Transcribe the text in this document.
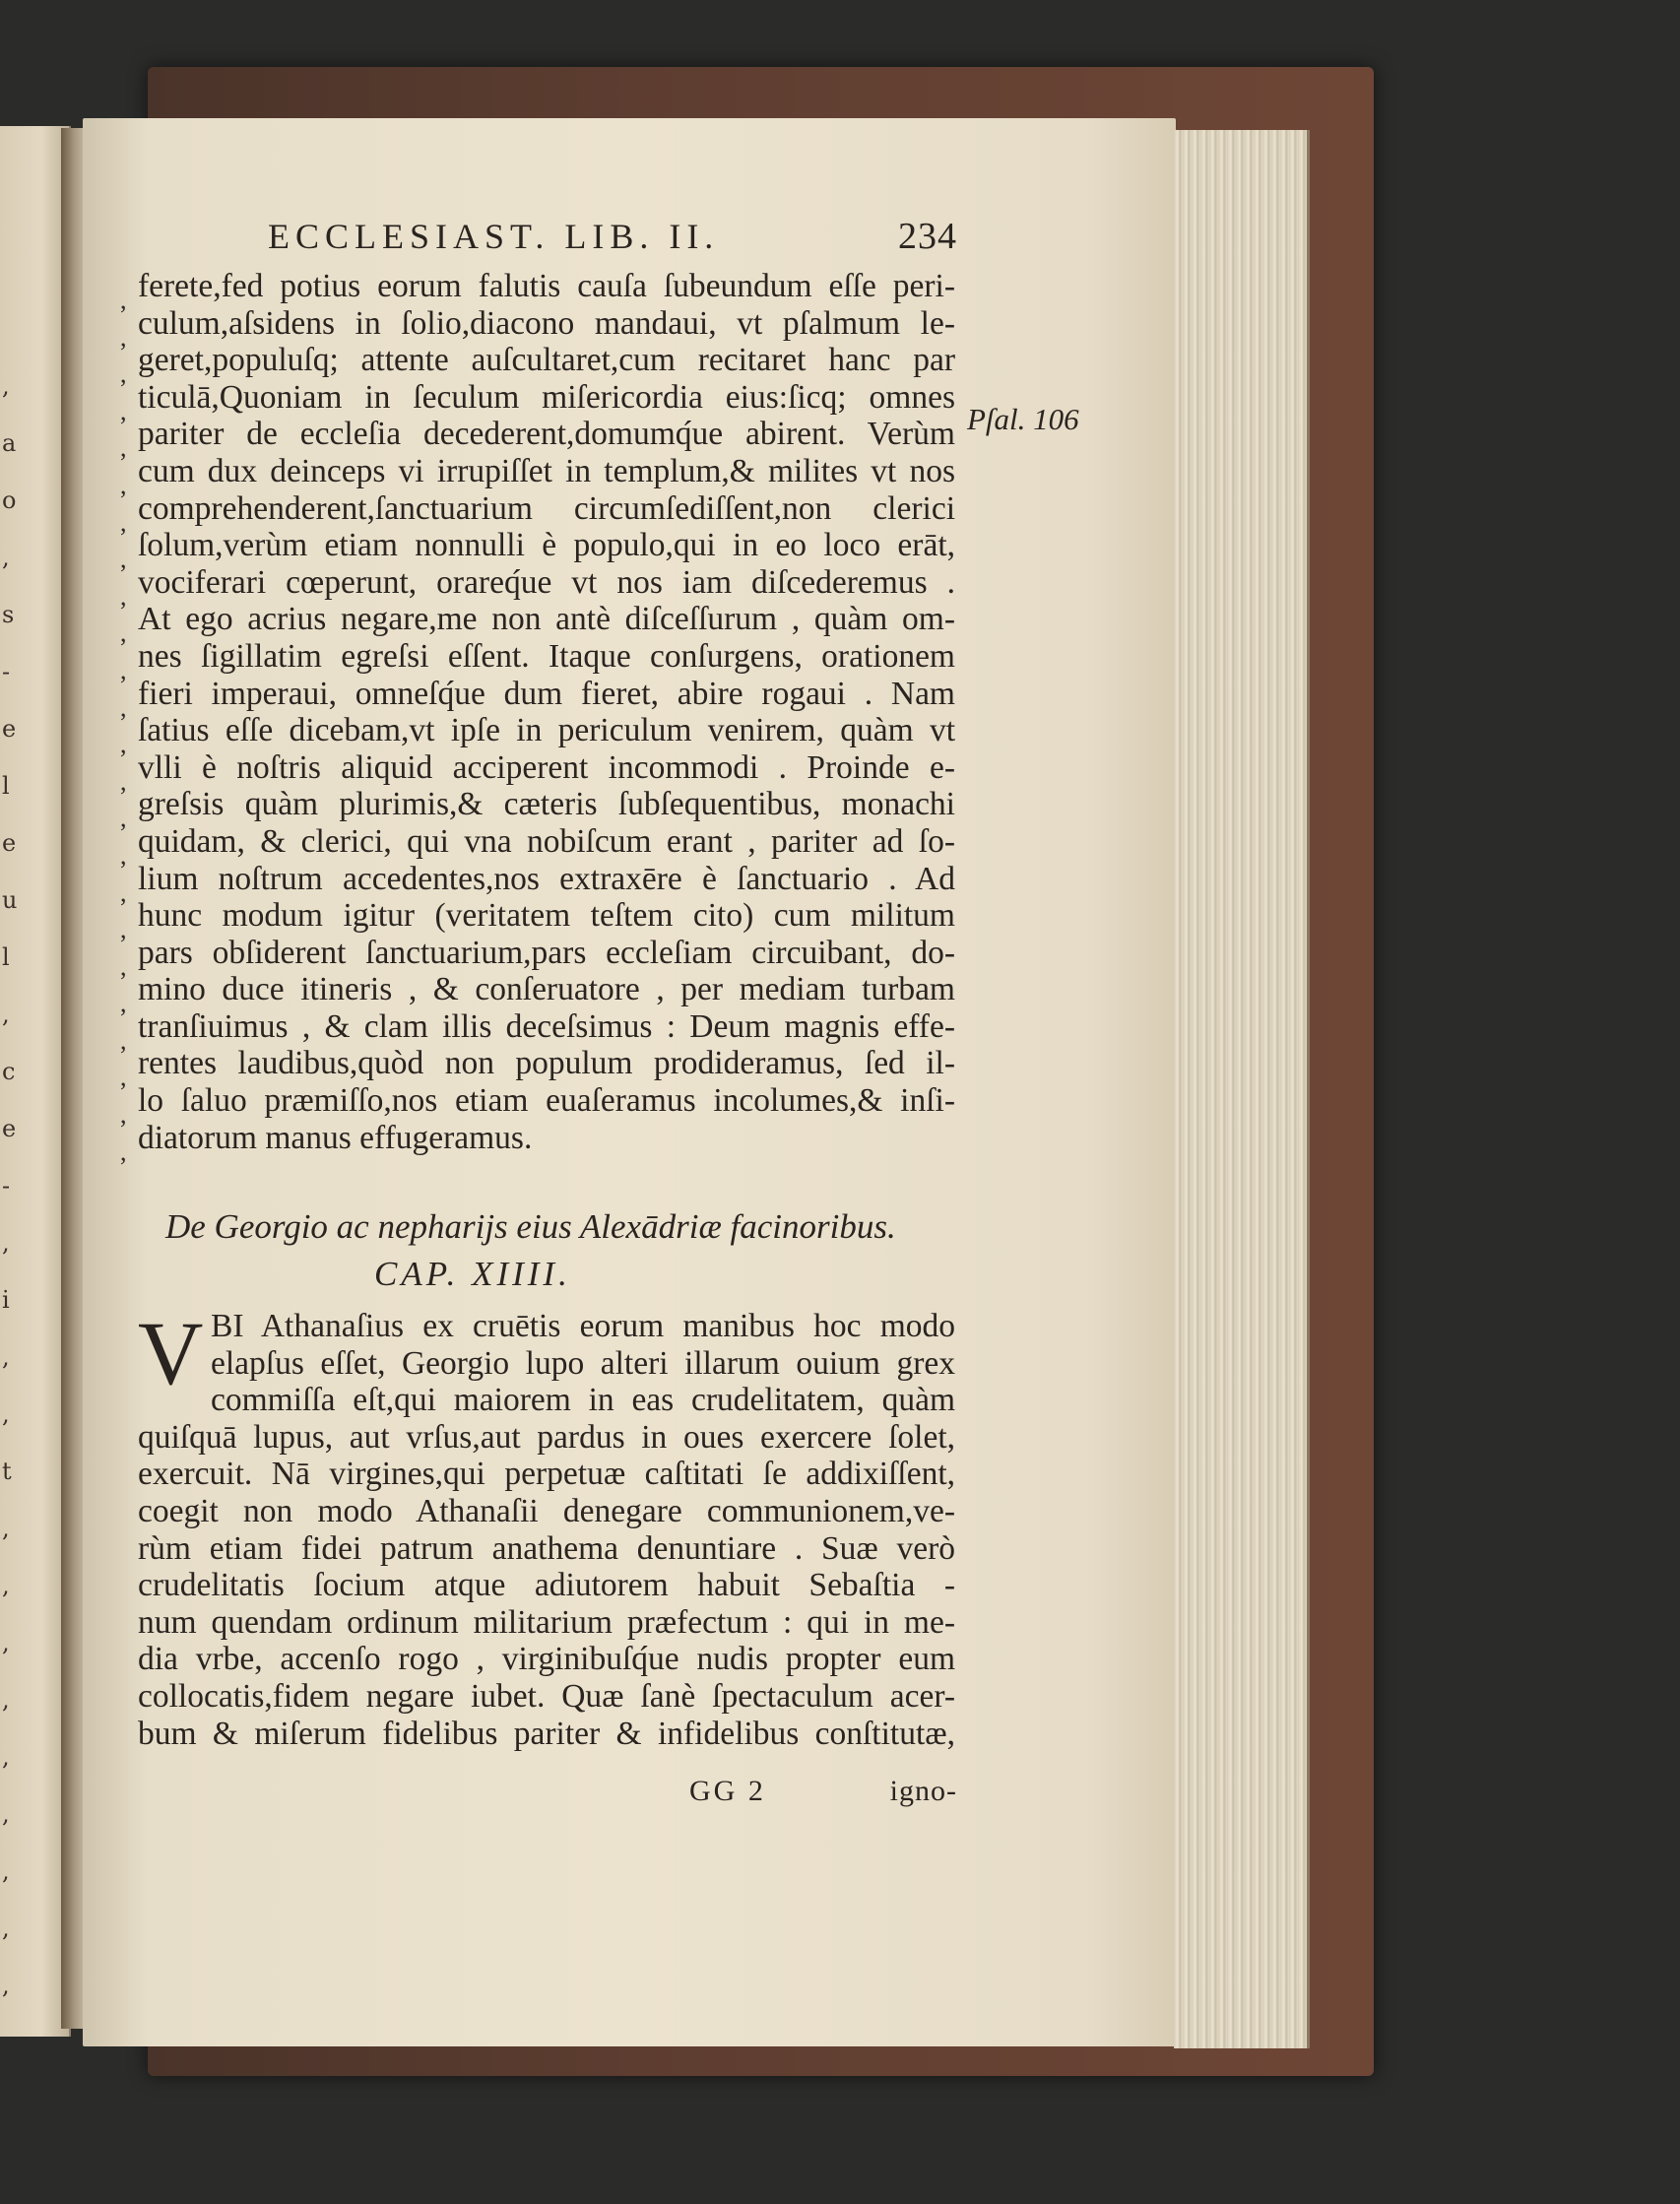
,
a
o
,
s
-
e
l
e
u
l
,
c
e
-
,
i
,
,
t
,
,
,
,
,
,
,
,
,
ECCLESIAST. LIB. II.	234
,
,
,
,
,
,
,
,
,
,
,
,
,
,
,
,
,
,
,
,
,
,
,
,
ferete,fed potius eorum falutis cauſa ſubeundum eſſe peri-
culum,aſsidens in ſolio,diacono mandaui, vt pſalmum le-
geret,populuſq; attente auſcultaret,cum recitaret hanc par
ticulā,Quoniam in ſeculum miſericordia eius:ſicq; omnes
pariter de eccleſia decederent,domumq́ue abirent. Verùm
cum dux deinceps vi irrupiſſet in templum,& milites vt nos
comprehenderent,ſanctuarium circumſediſſent,non clerici
ſolum,verùm etiam nonnulli è populo,qui in eo loco erāt,
vociferari cœperunt, orareq́ue vt nos iam diſcederemus .
At ego acrius negare,me non antè diſceſſurum , quàm om-
nes ſigillatim egreſsi eſſent. Itaque conſurgens, orationem
fieri imperaui, omneſq́ue dum fieret, abire rogaui . Nam
ſatius eſſe dicebam,vt ipſe in periculum venirem, quàm vt
vlli è noſtris aliquid acciperent incommodi . Proinde e-
greſsis quàm plurimis,& cæteris ſubſequentibus, monachi
quidam, & clerici, qui vna nobiſcum erant , pariter ad ſo-
lium noſtrum accedentes,nos extraxēre è ſanctuario . Ad
hunc modum igitur (veritatem teſtem cito) cum militum
pars obſiderent ſanctuarium,pars eccleſiam circuibant, do-
mino duce itineris , & conſeruatore , per mediam turbam
tranſiuimus , & clam illis deceſsimus : Deum magnis effe-
rentes laudibus,quòd non populum prodideramus, ſed il-
lo ſaluo præmiſſo,nos etiam euaſeramus incolumes,& inſi-
diatorum manus effugeramus.
Pſal. 106
De Georgio ac nepharijs eius Alexādriæ facinoribus.
CAP. XIIII.
V BI Athanaſius ex cruētis eorum manibus hoc modo
elapſus eſſet, Georgio lupo alteri illarum ouium grex
commiſſa eſt,qui maiorem in eas crudelitatem, quàm
quiſquā lupus, aut vrſus,aut pardus in oues exercere ſolet,
exercuit. Nā virgines,qui perpetuæ caſtitati ſe addixiſſent,
coegit non modo Athanaſii denegare communionem,ve-
rùm etiam fidei patrum anathema denuntiare . Suæ verò
crudelitatis ſocium atque adiutorem habuit Sebaſtia -
num quendam ordinum militarium præfectum : qui in me-
dia vrbe, accenſo rogo , virginibuſq́ue nudis propter eum
collocatis,fidem negare iubet. Quæ ſanè ſpectaculum acer-
bum & miſerum fidelibus pariter & infidelibus conſtitutæ,
GG 2	igno-
